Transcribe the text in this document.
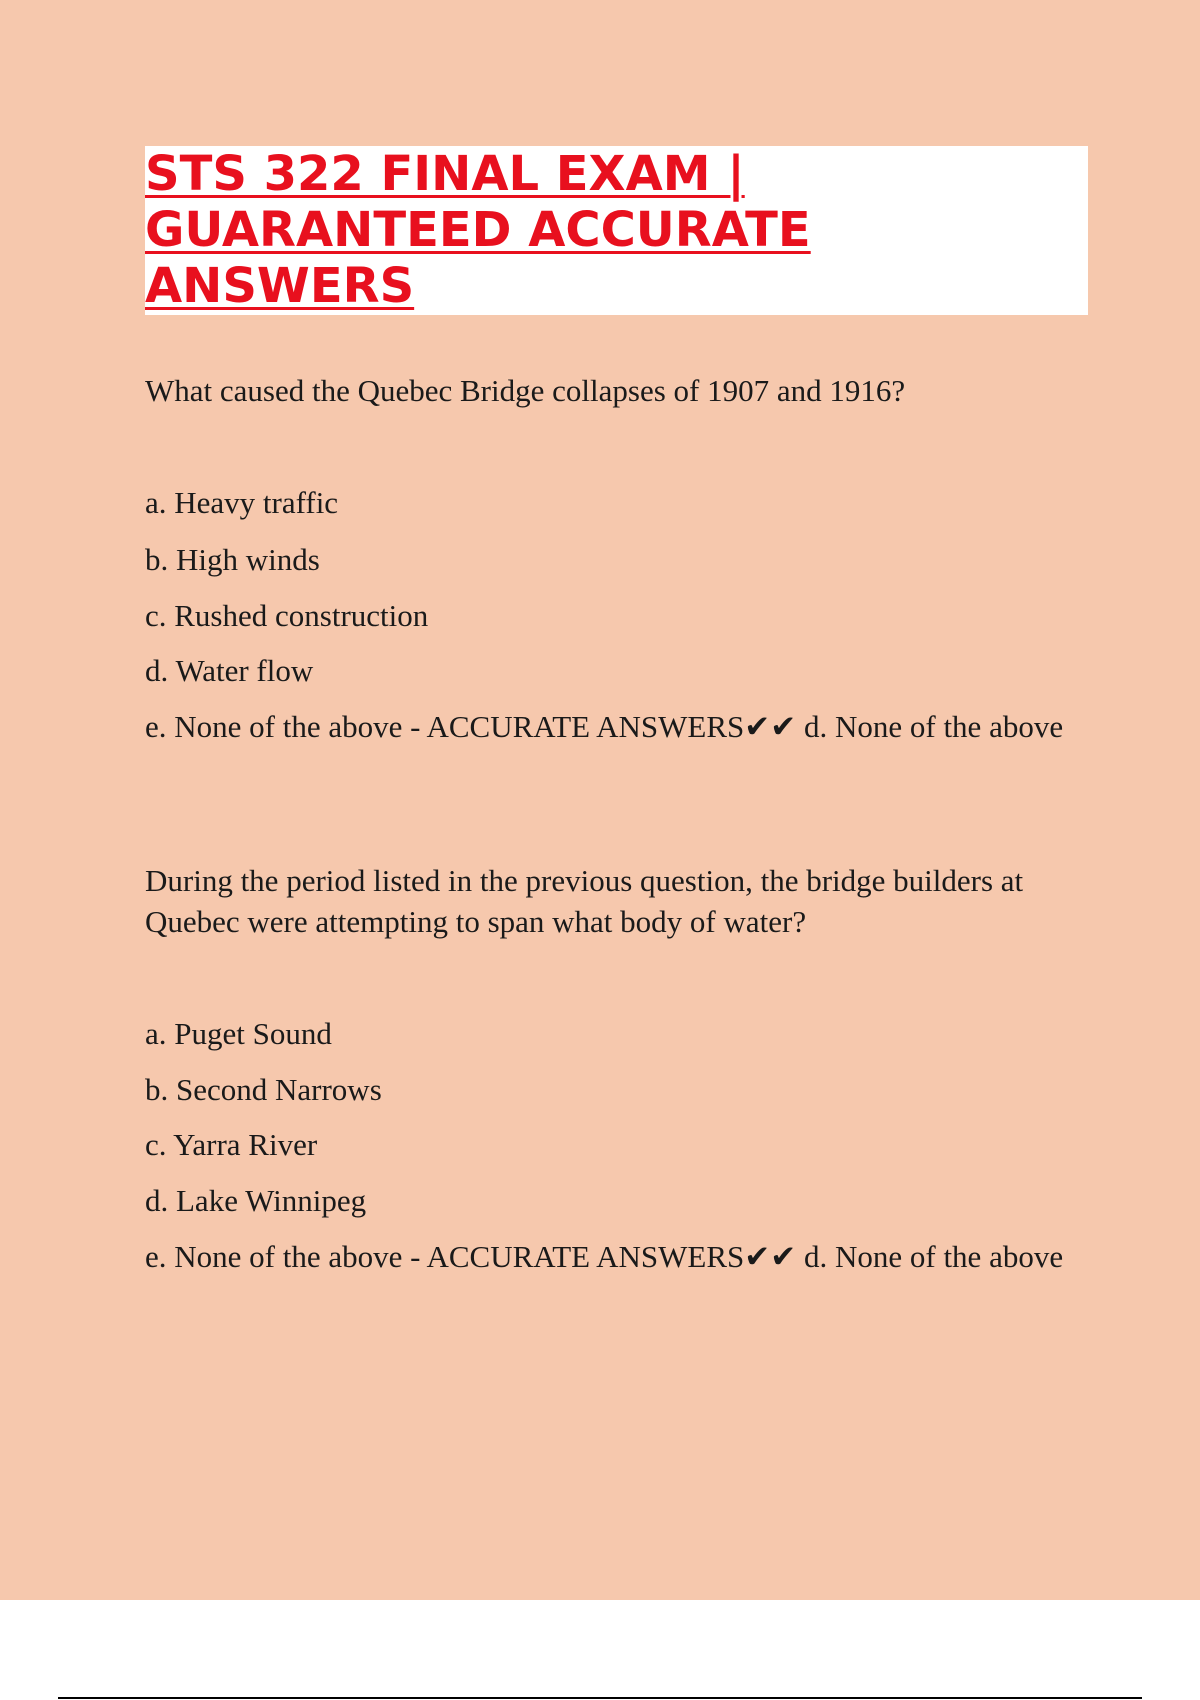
STS 322 FINAL EXAM |
GUARANTEED ACCURATE
ANSWERS

What caused the Quebec Bridge collapses of 1907 and 1916?

a. Heavy traffic

b. High winds

c. Rushed construction

d. Water flow

e. None of the above - ACCURATE ANSWERS✔✔ d. None of the above

During the period listed in the previous question, the bridge builders at Quebec were attempting to span what body of water?

a. Puget Sound

b. Second Narrows

c. Yarra River

d. Lake Winnipeg

e. None of the above - ACCURATE ANSWERS✔✔ d. None of the above
